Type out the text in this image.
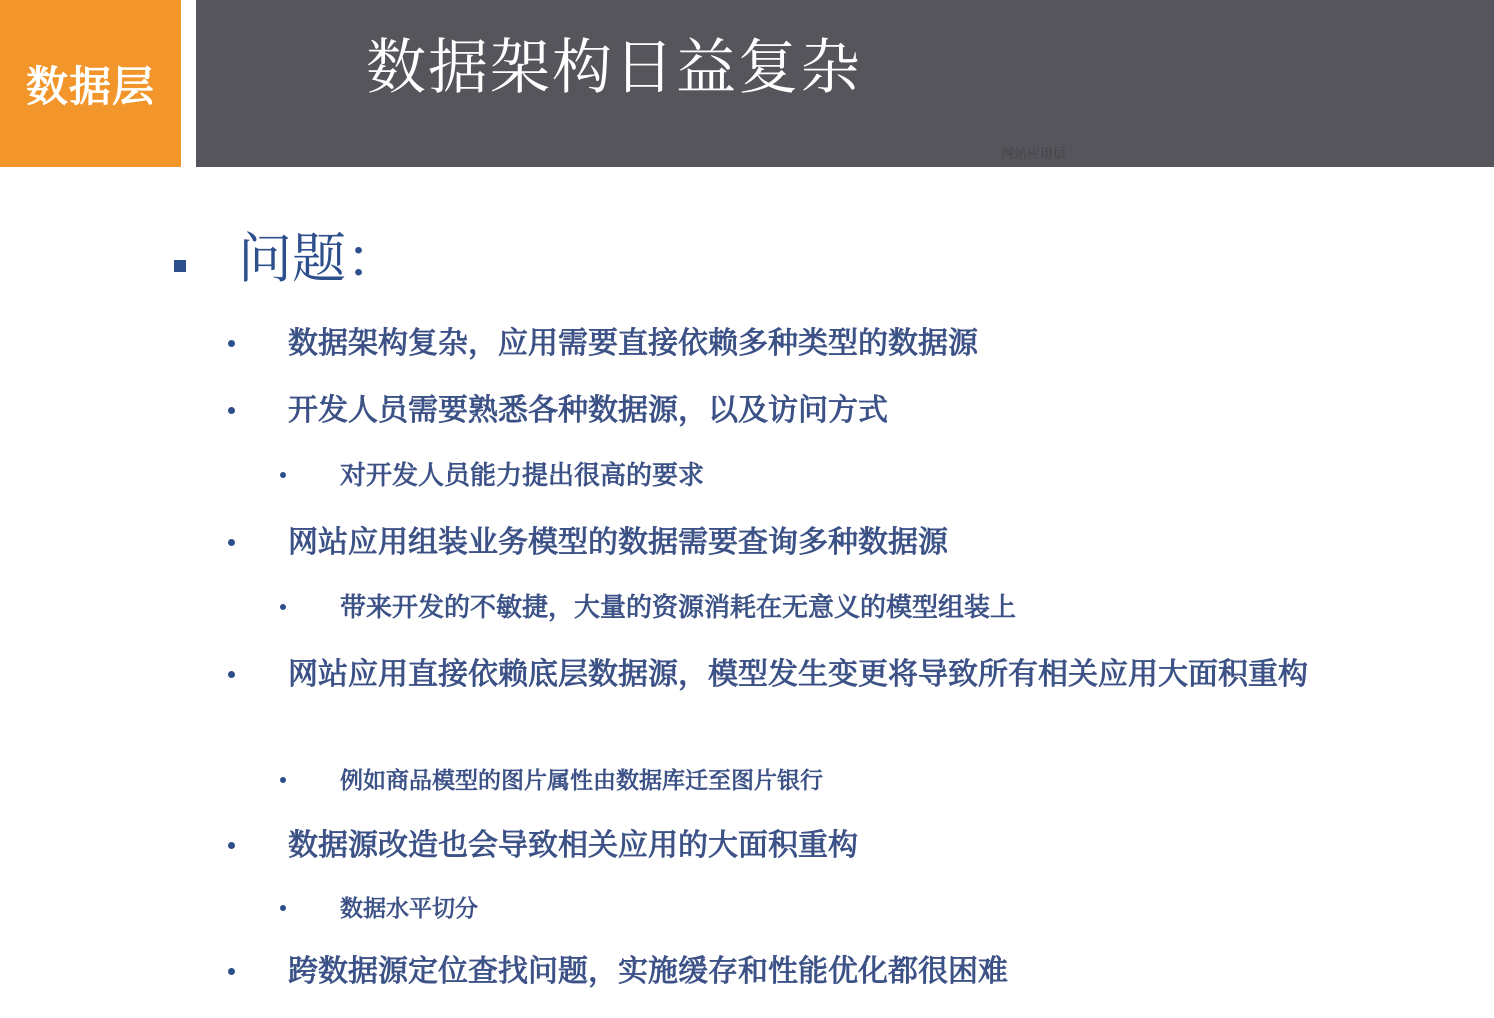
数据层	数据架构日益复杂
网站应用层
问题：
数据架构复杂，应用需要直接依赖多种类型的数据源
开发人员需要熟悉各种数据源，以及访问方式
对开发人员能力提出很高的要求
网站应用组装业务模型的数据需要查询多种数据源
带来开发的不敏捷，大量的资源消耗在无意义的模型组装上
网站应用直接依赖底层数据源，模型发生变更将导致所有相关应用大面积重构
例如商品模型的图片属性由数据库迁至图片银行
数据源改造也会导致相关应用的大面积重构
数据水平切分
跨数据源定位查找问题，实施缓存和性能优化都很困难
